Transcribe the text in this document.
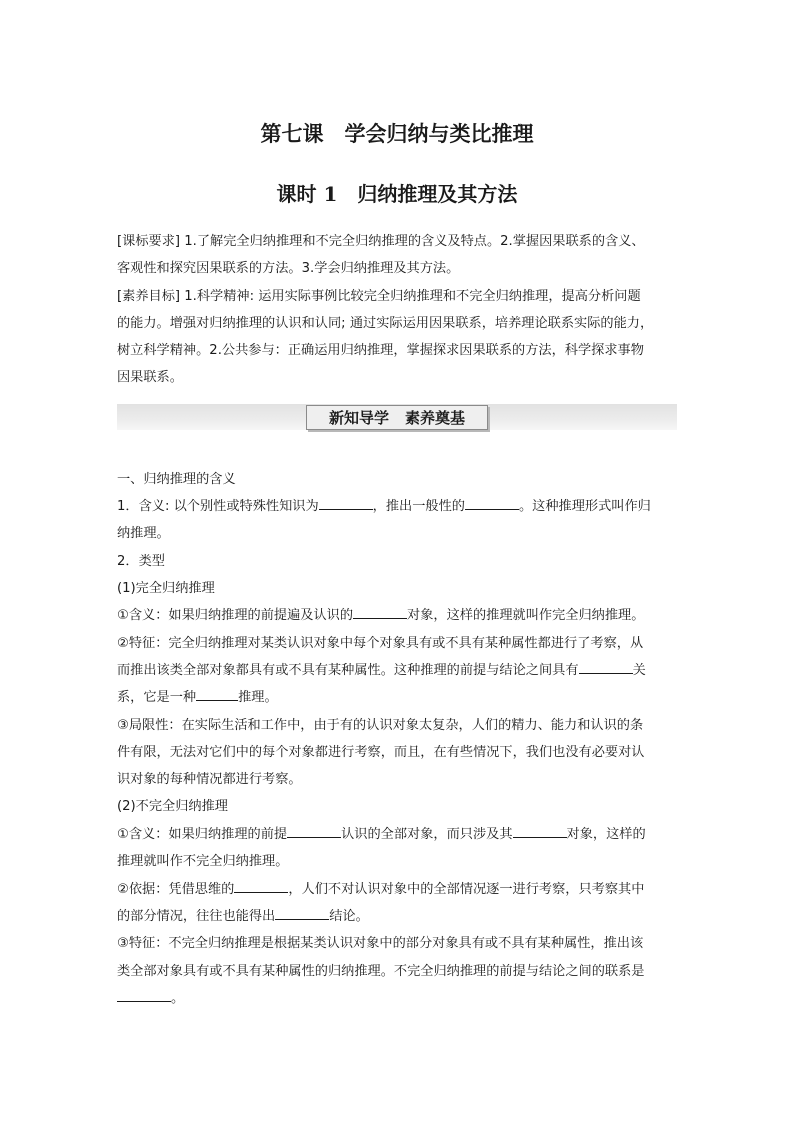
第七课　学会归纳与类比推理
课时 1　归纳推理及其方法
[课标要求] 1.了解完全归纳推理和不完全归纳推理的含义及特点。2.掌握因果联系的含义、
客观性和探究因果联系的方法。3.学会归纳推理及其方法。
[素养目标] 1.科学精神: 运用实际事例比较完全归纳推理和不完全归纳推理，提高分析问题
的能力。增强对归纳推理的认识和认同; 通过实际运用因果联系，培养理论联系实际的能力，
树立科学精神。2.公共参与：正确运用归纳推理，掌握探求因果联系的方法，科学探求事物
因果联系。
新知导学 素养奠基
一、归纳推理的含义
1．含义: 以个别性或特殊性知识为	，推出一般性的	。这种推理形式叫作归
纳推理。
2．类型
(1)完全归纳推理
①含义：如果归纳推理的前提遍及认识的	对象，这样的推理就叫作完全归纳推理。
②特征：完全归纳推理对某类认识对象中每个对象具有或不具有某种属性都进行了考察，从
而推出该类全部对象都具有或不具有某种属性。这种推理的前提与结论之间具有	关
系，它是一种	推理。
③局限性：在实际生活和工作中，由于有的认识对象太复杂，人们的精力、能力和认识的条
件有限，无法对它们中的每个对象都进行考察，而且，在有些情况下，我们也没有必要对认
识对象的每种情况都进行考察。
(2)不完全归纳推理
①含义：如果归纳推理的前提	认识的全部对象，而只涉及其	对象，这样的
推理就叫作不完全归纳推理。
②依据：凭借思维的	，人们不对认识对象中的全部情况逐一进行考察，只考察其中
的部分情况，往往也能得出	结论。
③特征：不完全归纳推理是根据某类认识对象中的部分对象具有或不具有某种属性，推出该
类全部对象具有或不具有某种属性的归纳推理。不完全归纳推理的前提与结论之间的联系是
。
